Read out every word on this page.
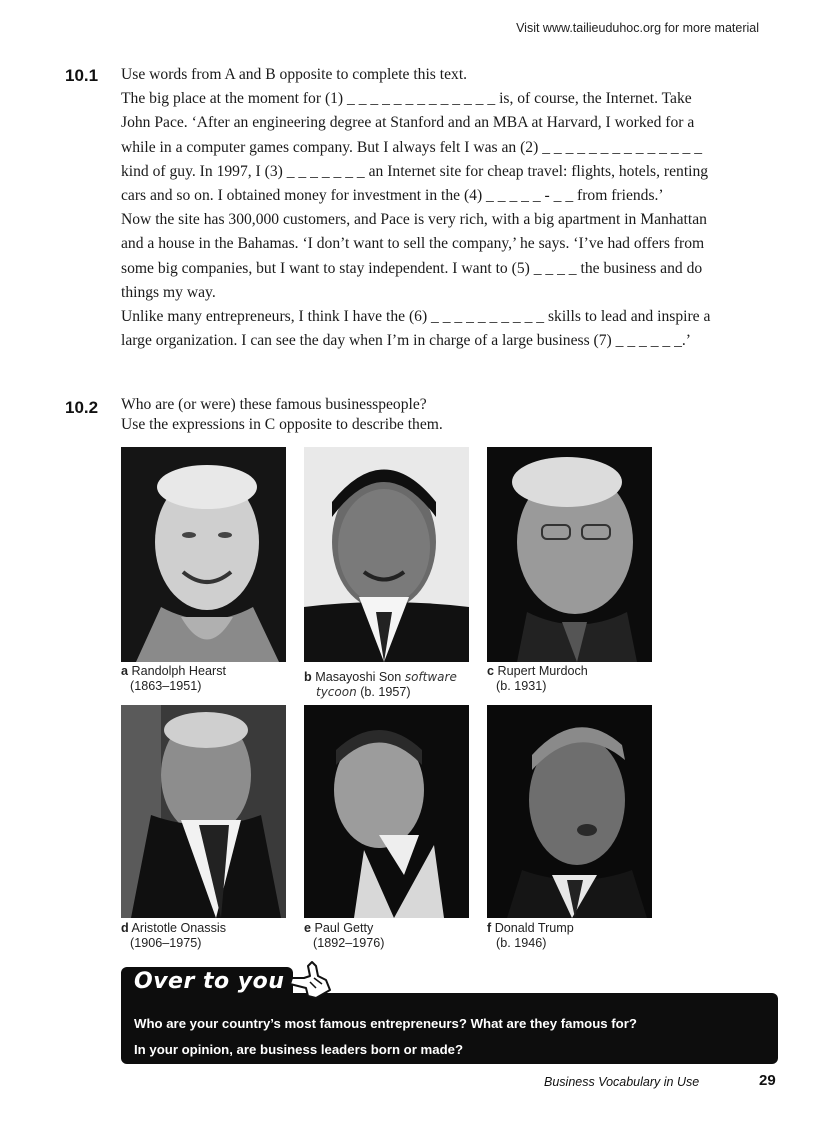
Visit www.tailieuduhoc.org for more material
10.1 Use words from A and B opposite to complete this text.
The big place at the moment for (1) _ _ _ _ _ _ _ _ _ _ _ _ _ is, of course, the Internet. Take
John Pace. ‘After an engineering degree at Stanford and an MBA at Harvard, I worked for a
while in a computer games company. But I always felt I was an (2) _ _ _ _ _ _ _ _ _ _ _ _ _ _
kind of guy. In 1997, I (3) _ _ _ _ _ _ _ an Internet site for cheap travel: flights, hotels, renting
cars and so on. I obtained money for investment in the (4) _ _ _ _ _ - _ _ from friends.’
Now the site has 300,000 customers, and Pace is very rich, with a big apartment in Manhattan
and a house in the Bahamas. ‘I don’t want to sell the company,’ he says. ‘I’ve had offers from
some big companies, but I want to stay independent. I want to (5) _ _ _ _ the business and do
things my way.
Unlike many entrepreneurs, I think I have the (6) _ _ _ _ _ _ _ _ _ _ skills to lead and inspire a
large organization. I can see the day when I’m in charge of a large business (7) _ _ _ _ _ _.’
10.2 Who are (or were) these famous businesspeople?
Use the expressions in C opposite to describe them.
a Randolph Hearst
(1863–1951)
b Masayoshi Son software
tycoon (b. 1957)
c Rupert Murdoch
(b. 1931)
d Aristotle Onassis
(1906–1975)
e Paul Getty
(1892–1976)
f Donald Trump
(b. 1946)
Over to you
Who are your country’s most famous entrepreneurs? What are they famous for?
In your opinion, are business leaders born or made?
Business Vocabulary in Use	29
